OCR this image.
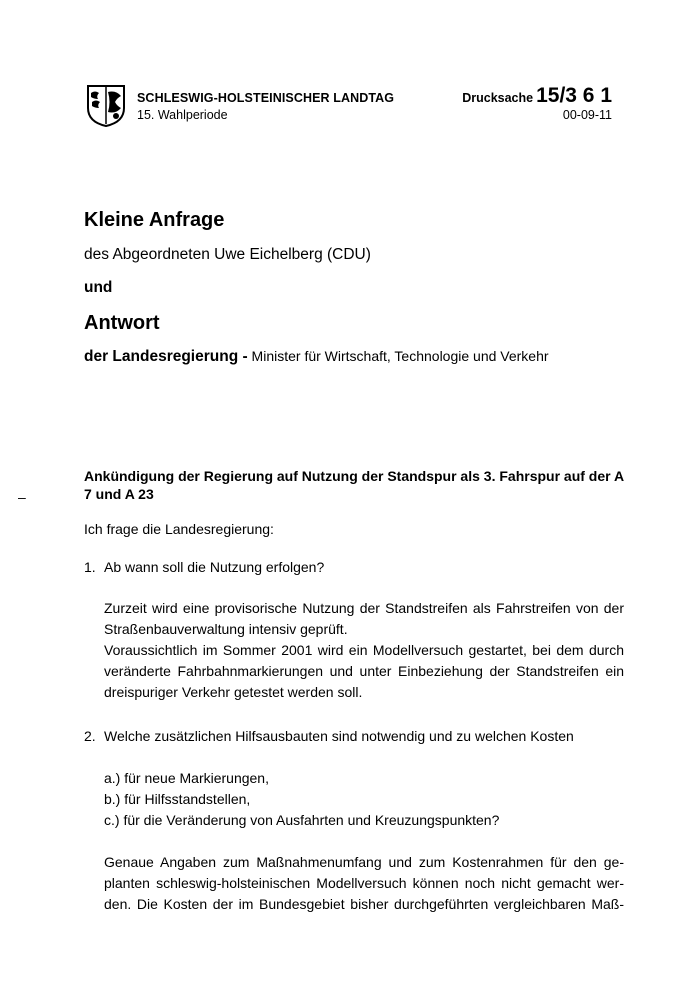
SCHLESWIG-HOLSTEINISCHER LANDTAG
15. Wahlperiode
Drucksache 15/3 6 1
00-09-11
Kleine Anfrage
des Abgeordneten Uwe Eichelberg (CDU)
und
Antwort
der Landesregierung - Minister für Wirtschaft, Technologie und Verkehr
Ankündigung der Regierung auf Nutzung der Standspur als 3. Fahrspur auf der A 7 und A 23
–
Ich frage die Landesregierung:
1. Ab wann soll die Nutzung erfolgen?
Zurzeit wird eine provisorische Nutzung der Standstreifen als Fahrstreifen von der
Straßenbauverwaltung intensiv geprüft.
Voraussichtlich im Sommer 2001 wird ein Modellversuch gestartet, bei dem durch
veränderte Fahrbahnmarkierungen und unter Einbeziehung der Standstreifen ein
dreispuriger Verkehr getestet werden soll.
2. Welche zusätzlichen Hilfsausbauten sind notwendig und zu welchen Kosten
a.) für neue Markierungen,
b.) für Hilfsstandstellen,
c.) für die Veränderung von Ausfahrten und Kreuzungspunkten?
Genaue Angaben zum Maßnahmenumfang und zum Kostenrahmen für den ge-
planten schleswig-holsteinischen Modellversuch können noch nicht gemacht wer-
den. Die Kosten der im Bundesgebiet bisher durchgeführten vergleichbaren Maß-
